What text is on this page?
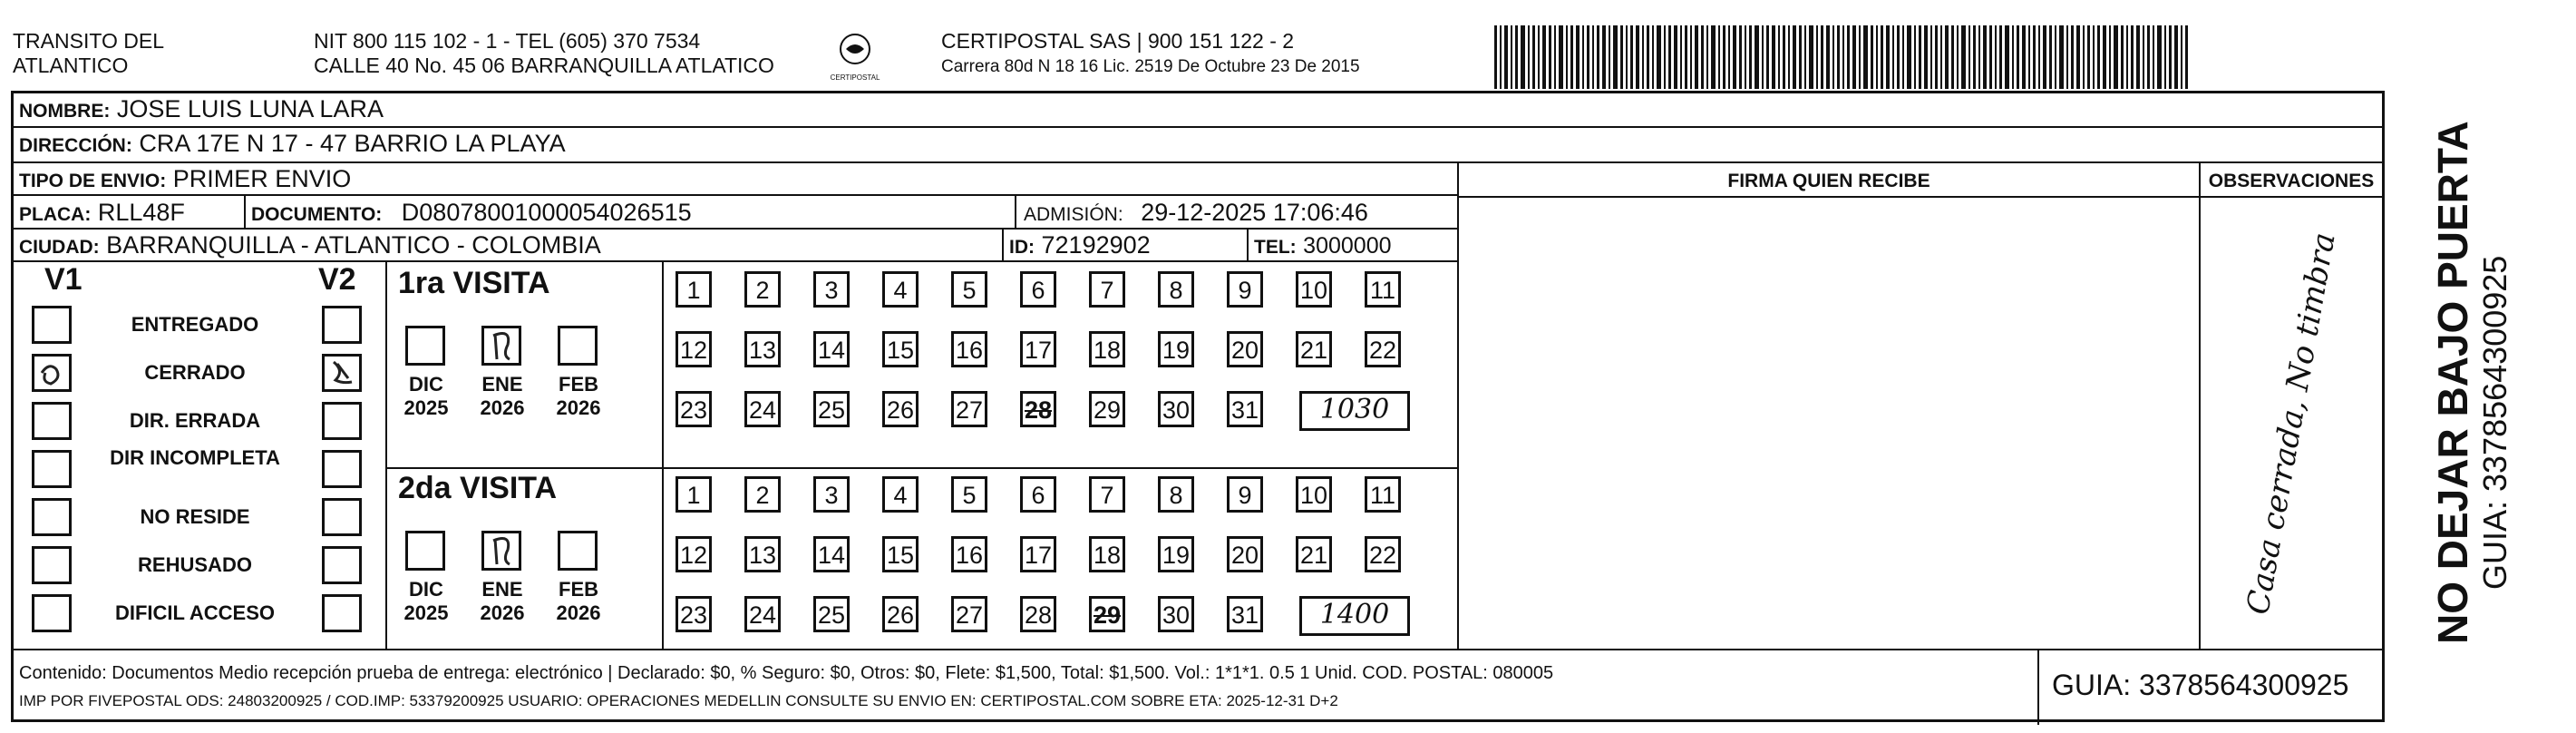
TRANSITO DEL
ATLANTICO
NIT 800 115 102 - 1 - TEL (605) 370 7534
CALLE 40 No. 45 06 BARRANQUILLA ATLATICO
CERTIPOSTAL
CERTIPOSTAL SAS | 900 151 122 - 2
Carrera 80d N 18 16 Lic. 2519 De Octubre 23 De 2015
NOMBRE: JOSE LUIS LUNA LARA
DIRECCIÓN: CRA 17E N 17 - 47 BARRIO LA PLAYA
TIPO DE ENVIO: PRIMER ENVIO
PLACA: RLL48F	DOCUMENTO: D08078001000054026515	ADMISIÓN: 29-12-2025 17:06:46
CIUDAD: BARRANQUILLA - ATLANTICO - COLOMBIA	ID: 72192902	TEL: 3000000
FIRMA QUIEN RECIBE	OBSERVACIONES
Casa cerrada, No timbra
V1	V2
ENTREGADO
CERRADO
DIR. ERRADA
DIR INCOMPLETA
NO RESIDE
REHUSADO
DIFICIL ACCESO
1ra VISITA
DIC
2025
ENE
2026
FEB
2026
1	2	3	4	5	6	7	8	9	10 11
12 13 14 15 16 17 18 19 20 21 22
23 24 25 26 27 28 29 30 31	1030
2da VISITA
DIC
2025
ENE
2026
FEB
2026
1	2	3	4	5	6	7	8	9	10 11
12 13 14 15 16 17 18 19 20 21 22
23 24 25 26 27 28 29 30 31	1400
Contenido: Documentos Medio recepción prueba de entrega: electrónico | Declarado: $0, % Seguro: $0, Otros: $0, Flete: $1,500, Total: $1,500. Vol.: 1*1*1. 0.5 1 Unid. COD. POSTAL: 080005
IMP POR FIVEPOSTAL ODS: 24803200925 / COD.IMP: 53379200925 USUARIO: OPERACIONES MEDELLIN CONSULTE SU ENVIO EN: CERTIPOSTAL.COM SOBRE ETA: 2025-12-31 D+2	GUIA: 3378564300925
NO DEJAR BAJO PUERTA GUIA: 3378564300925
